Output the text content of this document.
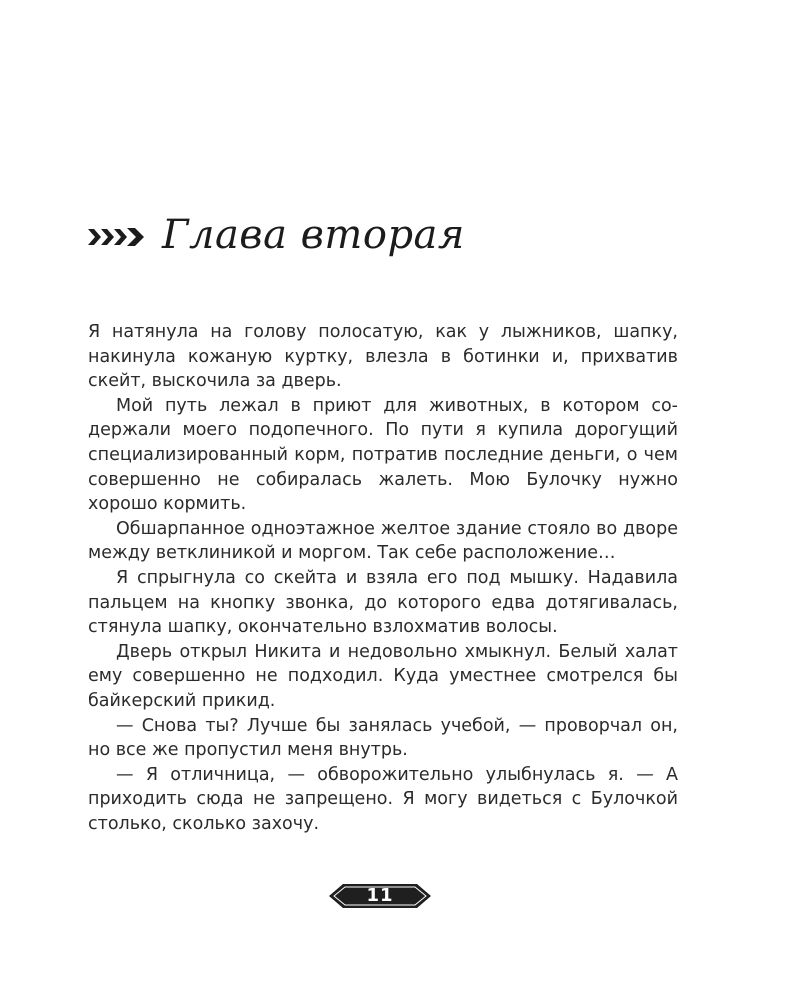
Глава вторая

Я натянула на голову полосатую, как у лыжников, шапку, накинула кожаную куртку, влезла в ботинки и, прихватив скейт, выскочила за дверь.

Мой путь лежал в приют для животных, в котором содержали моего подопечного. По пути я купила дорогущий специализированный корм, потратив последние деньги, о чем совершенно не собиралась жалеть. Мою Булочку нужно хорошо кормить.

Обшарпанное одноэтажное желтое здание стояло во дворе между ветклиникой и моргом. Так себе расположение…

Я спрыгнула со скейта и взяла его под мышку. Надавила пальцем на кнопку звонка, до которого едва дотягивалась, стянула шапку, окончательно взлохматив волосы.

Дверь открыл Никита и недовольно хмыкнул. Белый халат ему совершенно не подходил. Куда уместнее смотрелся бы байкерский прикид.

— Снова ты? Лучше бы занялась учебой, — проворчал он, но все же пропустил меня внутрь.

— Я отличница, — обворожительно улыбнулась я. — А приходить сюда не запрещено. Я могу видеться с Булочкой столько, сколько захочу.

11
